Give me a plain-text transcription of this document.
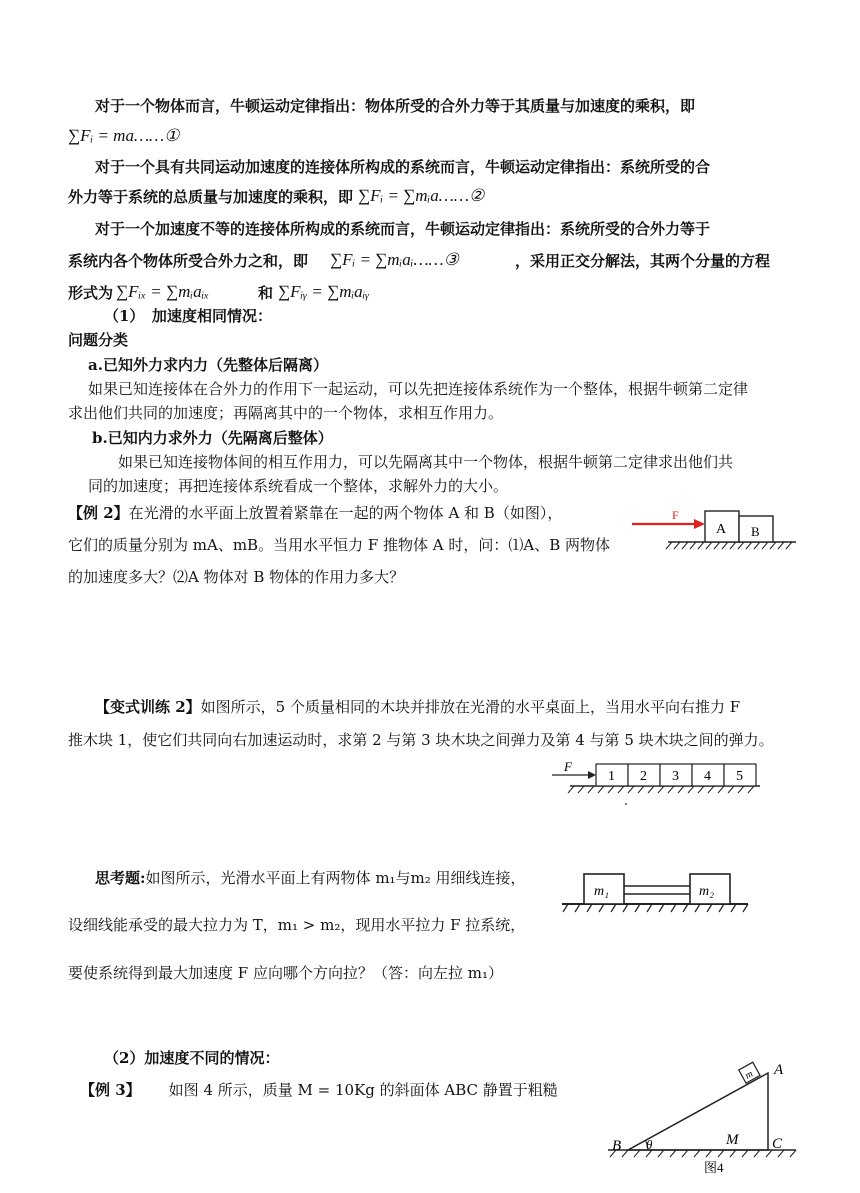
对于一个物体而言，牛顿运动定律指出：物体所受的合外力等于其质量与加速度的乘积，即
∑Fᵢ = ma……①
对于一个具有共同运动加速度的连接体所构成的系统而言，牛顿运动定律指出：系统所受的合
外力等于系统的总质量与加速度的乘积，即 ∑Fᵢ = ∑mᵢa……②
对于一个加速度不等的连接体所构成的系统而言，牛顿运动定律指出：系统所受的合外力等于
系统内各个物体所受合外力之和，即 ∑Fᵢ = ∑mᵢaᵢ……③	，采用正交分解法，其两个分量的方程
形式为 ∑Fᵢₓ = ∑mᵢaᵢₓ	和 ∑Fᵢᵧ = ∑mᵢaᵢᵧ
（1）　加速度相同情况：
问题分类
a.已知外力求内力（先整体后隔离）
如果已知连接体在合外力的作用下一起运动，可以先把连接体系统作为一个整体，根据牛顿第二定律
求出他们共同的加速度；再隔离其中的一个物体，求相互作用力。
b.已知内力求外力（先隔离后整体）
如果已知连接物体间的相互作用力，可以先隔离其中一个物体，根据牛顿第二定律求出他们共
同的加速度；再把连接体系统看成一个整体，求解外力的大小。
【例 2】在光滑的水平面上放置着紧靠在一起的两个物体 A 和 B（如图），
它们的质量分别为 mA、mB。当用水平恒力 F 推物体 A 时，问：⑴A、B 两物体
的加速度多大？⑵A 物体对 B 物体的作用力多大？
A B
F
【变式训练 2】如图所示，5 个质量相同的木块并排放在光滑的水平桌面上，当用水平向右推力 F
推木块 1，使它们共同向右加速运动时，求第 2 与第 3 块木块之间弹力及第 4 与第 5 块木块之间的弹力。
1 2 3 4 5
F
思考题:如图所示，光滑水平面上有两物体 m₁与m₂ 用细线连接，
设细线能承受的最大拉力为 T，m₁ > m₂，现用水平拉力 F 拉系统，
要使系统得到最大加速度 F 应向哪个方向拉？（答：向左拉 m₁）
m₁	m₂
（2）加速度不同的情况：
【例 3】 如图 4 所示，质量 M = 10Kg 的斜面体 ABC 静置于粗糙
m A
B	C
M
θ
图4
